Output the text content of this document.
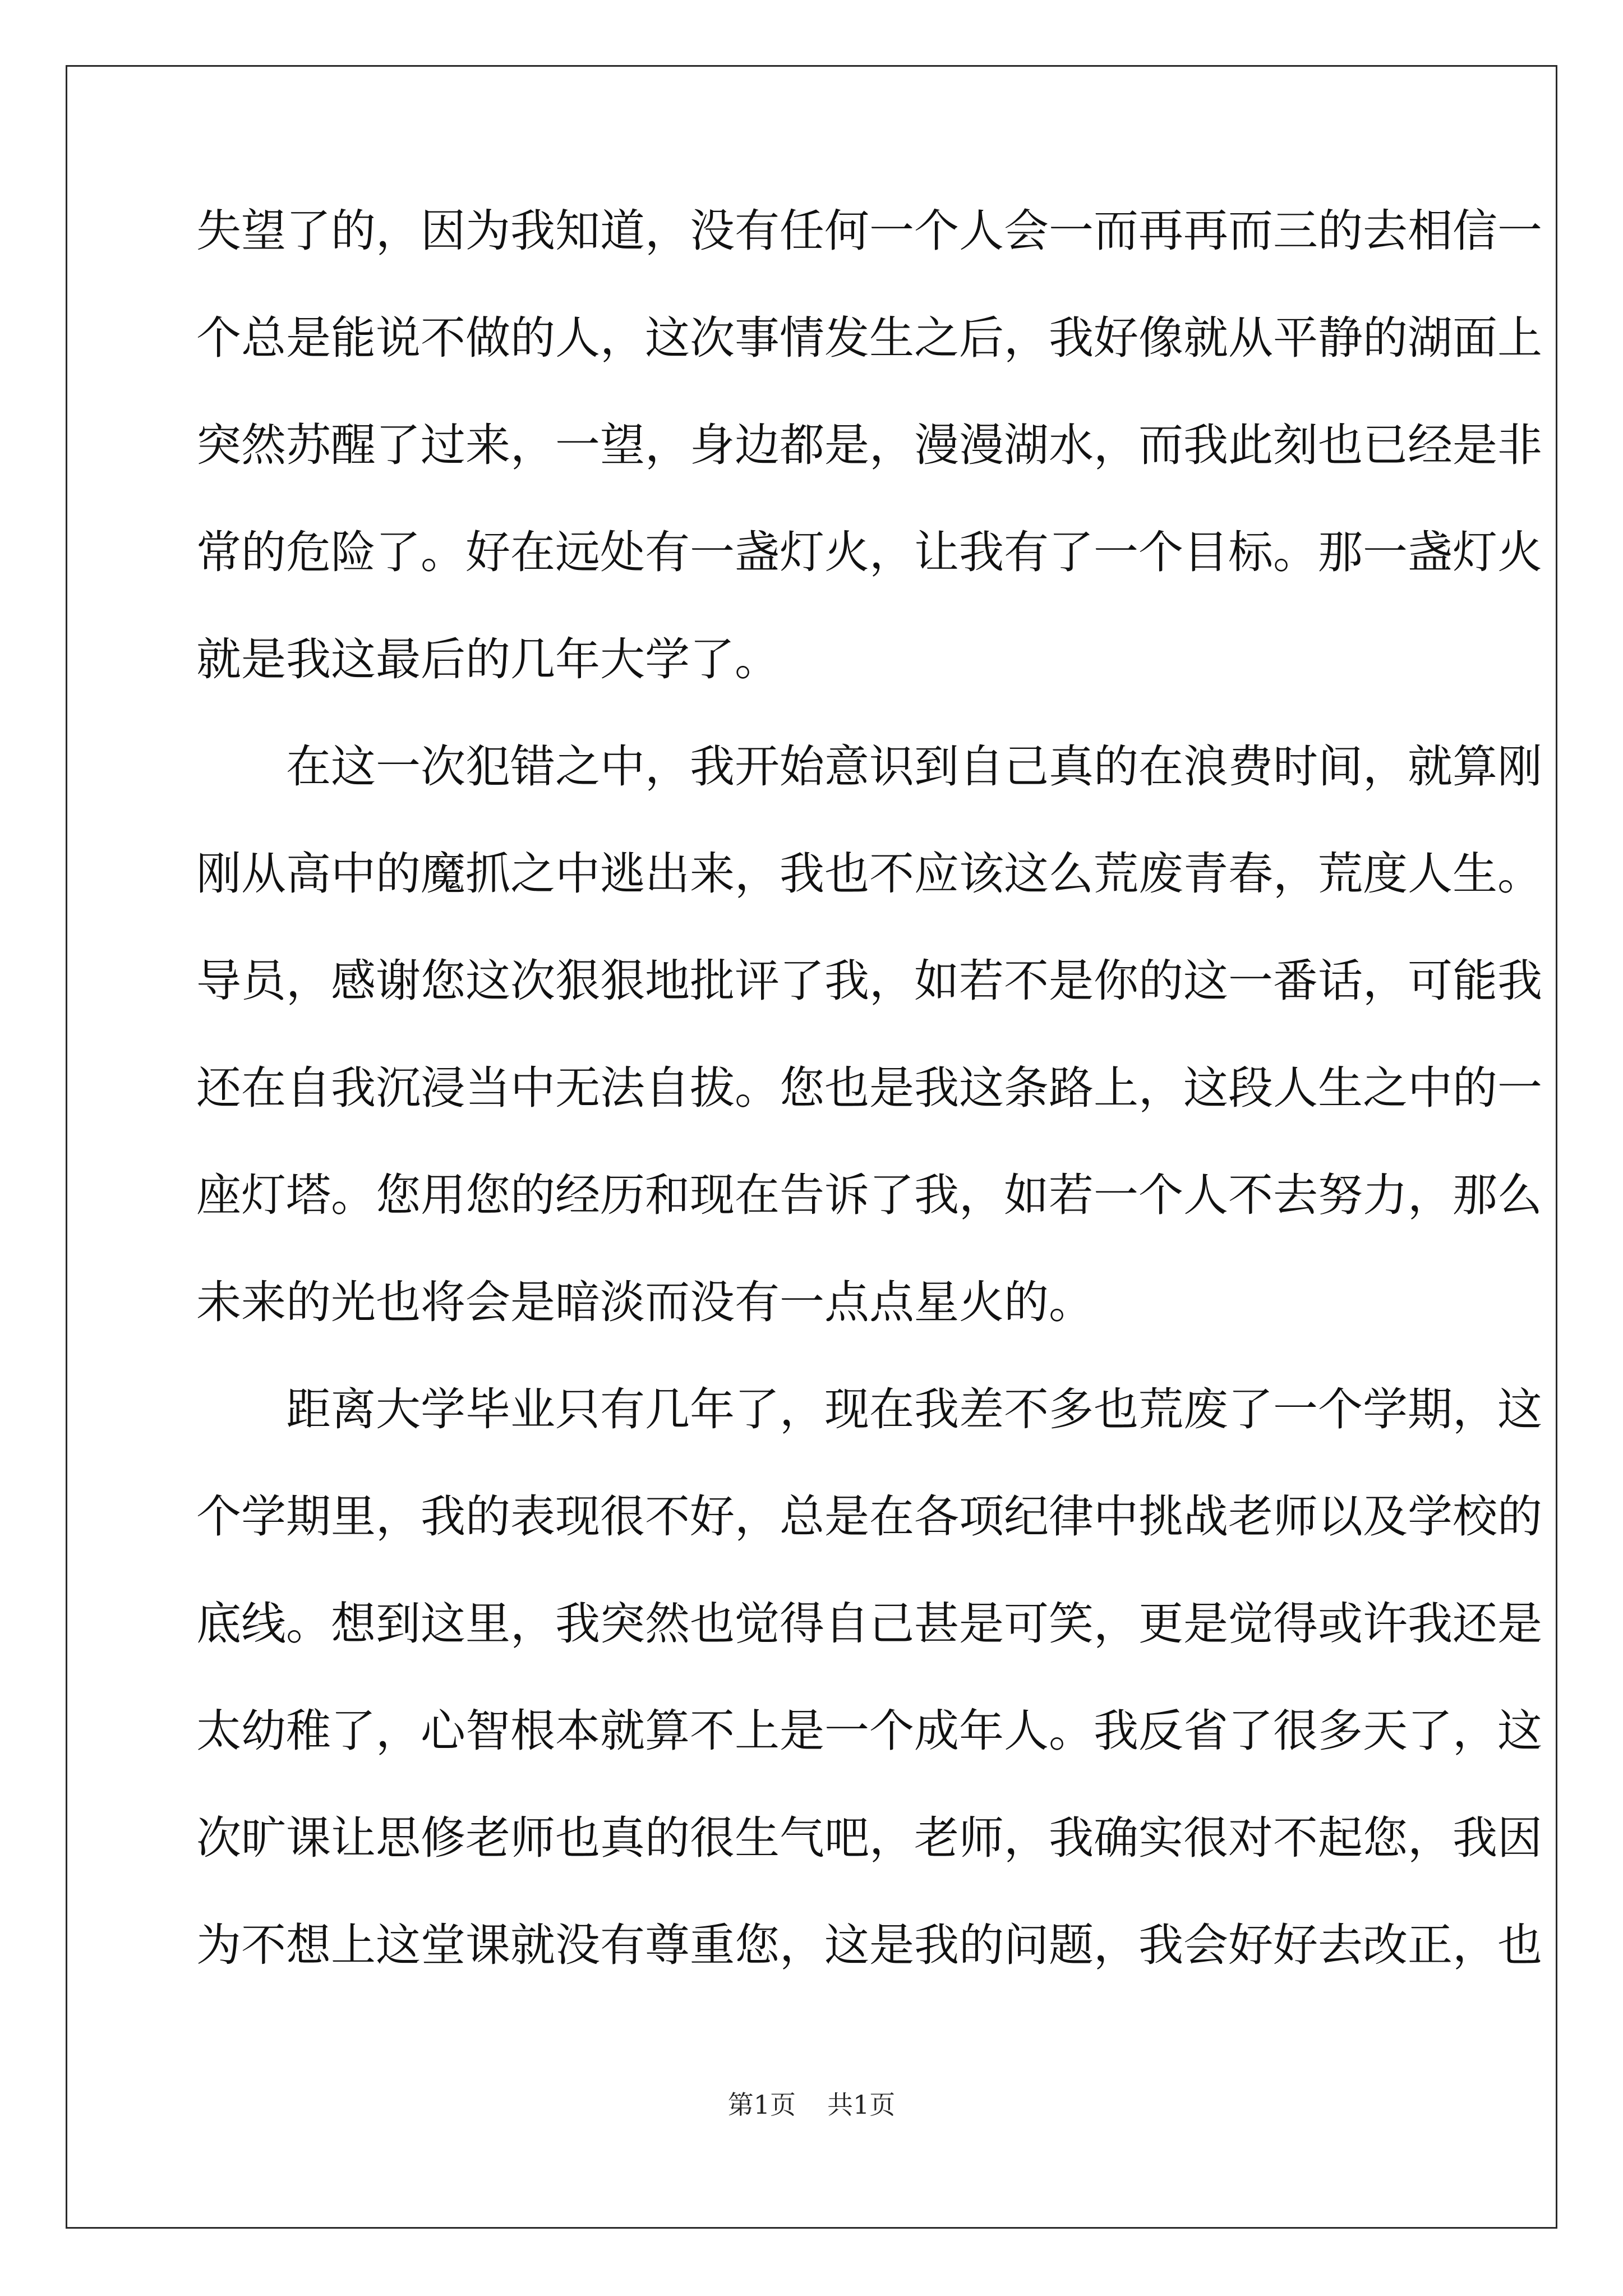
失望了的，因为我知道，没有任何一个人会一而再再而三的去相信一
个总是能说不做的人，这次事情发生之后，我好像就从平静的湖面上
突然苏醒了过来，一望，身边都是，漫漫湖水，而我此刻也已经是非
常的危险了。好在远处有一盏灯火，让我有了一个目标。那一盏灯火
就是我这最后的几年大学了。
　　在这一次犯错之中，我开始意识到自己真的在浪费时间，就算刚
刚从高中的魔抓之中逃出来，我也不应该这么荒废青春，荒度人生。
导员，感谢您这次狠狠地批评了我，如若不是你的这一番话，可能我
还在自我沉浸当中无法自拔。您也是我这条路上，这段人生之中的一
座灯塔。您用您的经历和现在告诉了我，如若一个人不去努力，那么
未来的光也将会是暗淡而没有一点点星火的。
　　距离大学毕业只有几年了，现在我差不多也荒废了一个学期，这
个学期里，我的表现很不好，总是在各项纪律中挑战老师以及学校的
底线。想到这里，我突然也觉得自己甚是可笑，更是觉得或许我还是
太幼稚了，心智根本就算不上是一个成年人。我反省了很多天了，这
次旷课让思修老师也真的很生气吧，老师，我确实很对不起您，我因
为不想上这堂课就没有尊重您，这是我的问题，我会好好去改正，也
第1页 共1页
